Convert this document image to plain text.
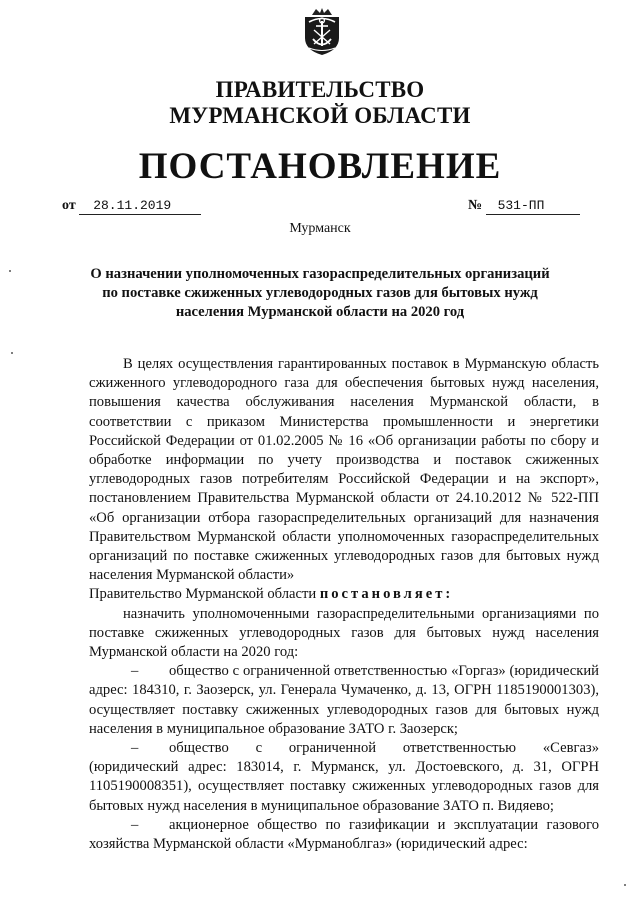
ПРАВИТЕЛЬСТВО
МУРМАНСКОЙ ОБЛАСТИ
ПОСТАНОВЛЕНИЕ
от 28.11.2019	№ 531-ПП
Мурманск
О назначении уполномоченных газораспределительных организаций
по поставке сжиженных углеводородных газов для бытовых нужд
населения Мурманской области на 2020 год

В целях осуществления гарантированных поставок в Мурманскую область сжиженного углеводородного газа для обеспечения бытовых нужд населения, повышения качества обслуживания населения Мурманской области, в соответствии с приказом Министерства промышленности и энергетики Российской Федерации от 01.02.2005 № 16 «Об организации работы по сбору и обработке информации по учету производства и поставок сжиженных углеводородных газов потребителям Российской Федерации и на экспорт», постановлением Правительства Мурманской области от 24.10.2012 № 522-ПП «Об организации отбора газораспределительных организаций для назначения Правительством Мурманской области уполномоченных газораспределительных организаций по поставке сжиженных углеводородных газов для бытовых нужд населения Мурманской области»
Правительство Мурманской области постановляет:

назначить уполномоченными газораспределительными организациями по поставке сжиженных углеводородных газов для бытовых нужд населения Мурманской области на 2020 год:

– общество с ограниченной ответственностью «Горгаз» (юридический адрес: 184310, г. Заозерск, ул. Генерала Чумаченко, д. 13, ОГРН 1185190001303), осуществляет поставку сжиженных углеводородных газов для бытовых нужд населения в муниципальное образование ЗАТО г. Заозерск;

– общество с ограниченной ответственностью «Севгаз» (юридический адрес: 183014, г. Мурманск, ул. Достоевского, д. 31, ОГРН 1105190008351), осуществляет поставку сжиженных углеводородных газов для бытовых нужд населения в муниципальное образование ЗАТО п. Видяево;

– акционерное общество по газификации и эксплуатации газового хозяйства Мурманской области «Мурманоблгаз» (юридический адрес:
